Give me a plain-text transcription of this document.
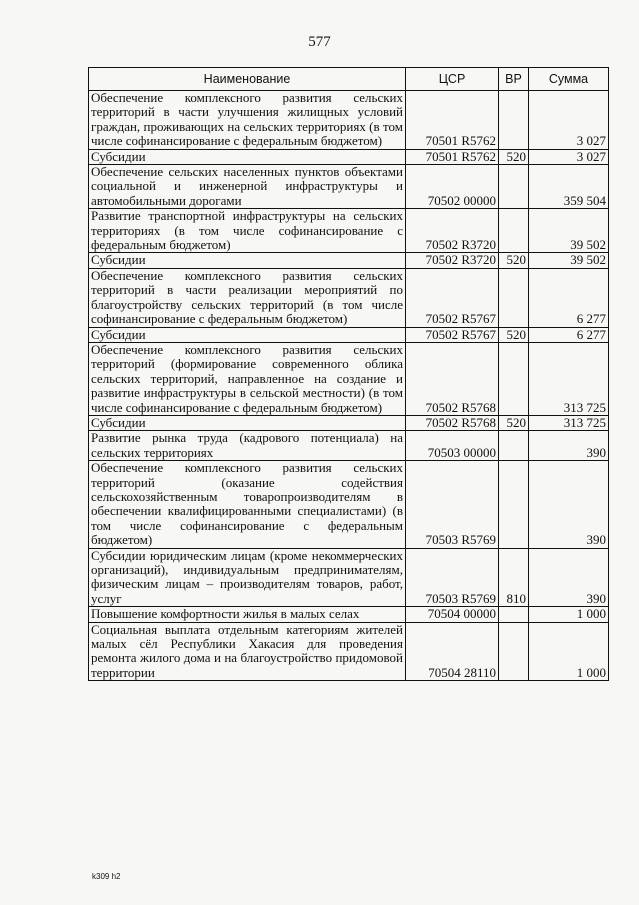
577
Наименование	ЦСР	ВР	Сумма
Обеспечение комплексного развития сельских территорий в части улучшения жилищных условий граждан, проживающих на сельских территориях (в том числе софинансирование с федеральным бюджетом)	70501 R5762		3 027
Субсидии	70501 R5762	520	3 027
Обеспечение сельских населенных пунктов объектами социальной и инженерной инфраструктуры и автомобильными дорогами	70502 00000		359 504
Развитие транспортной инфраструктуры на сельских территориях (в том числе софинансирование с федеральным бюджетом)	70502 R3720		39 502
Субсидии	70502 R3720	520	39 502
Обеспечение комплексного развития сельских территорий в части реализации мероприятий по благоустройству сельских территорий (в том числе софинансирование с федеральным бюджетом)	70502 R5767		6 277
Субсидии	70502 R5767	520	6 277
Обеспечение комплексного развития сельских территорий (формирование современного облика сельских территорий, направленное на создание и развитие инфраструктуры в сельской местности) (в том числе софинансирование с федеральным бюджетом)	70502 R5768		313 725
Субсидии	70502 R5768	520	313 725
Развитие рынка труда (кадрового потенциала) на сельских территориях	70503 00000		390
Обеспечение комплексного развития сельских территорий (оказание содействия сельскохозяйственным товаропроизводителям в обеспечении квалифицированными специалистами) (в том числе софинансирование с федеральным бюджетом)	70503 R5769		390
Субсидии юридическим лицам (кроме некоммерческих организаций), индивидуальным предпринимателям, физическим лицам – производителям товаров, работ, услуг	70503 R5769	810	390
Повышение комфортности жилья в малых селах	70504 00000		1 000
Социальная выплата отдельным категориям жителей малых сёл Республики Хакасия для проведения ремонта жилого дома и на благоустройство придомовой территории	70504 28110		1 000
k309 h2
